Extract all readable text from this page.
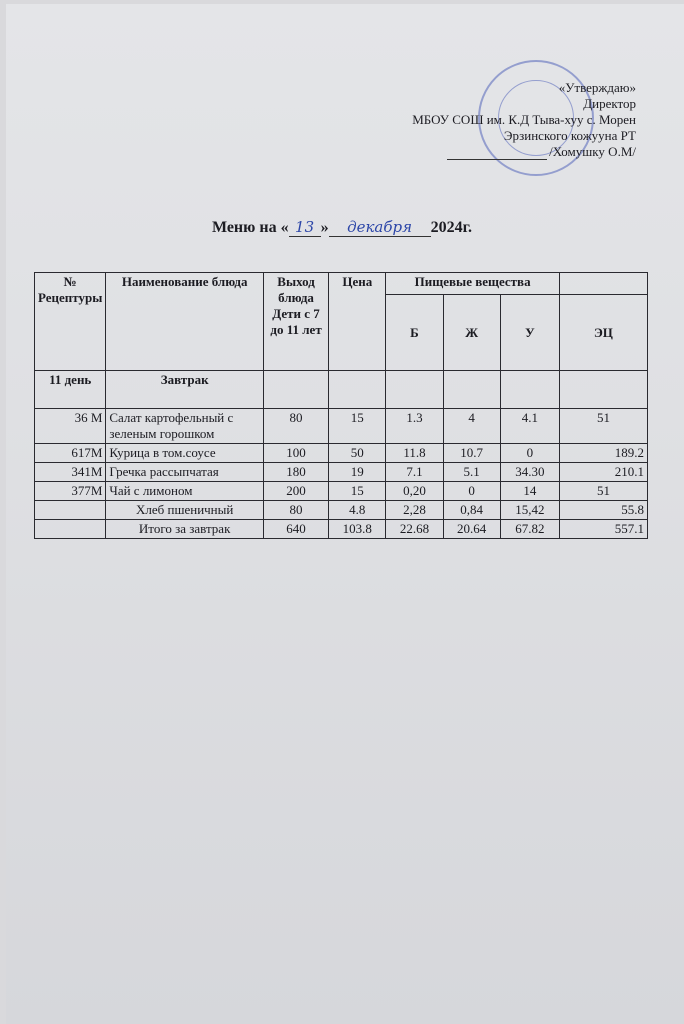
«Утверждаю»
Директор
МБОУ СОШ им. К.Д Тыва-хуу с. Морен
Эрзинского кожууна РТ
/Хомушку О.М/
Меню на « 13 » декабря 2024г.
№ Рецептуры	Наименование блюда	Выход блюда Дети с 7 до 11 лет	Цена	Пищевые вещества			
				Б	Ж	У	ЭЦ
11 день	Завтрак						
36 М	Салат картофельный с зеленым горошком	80	15	1.3	4	4.1	51
617М	Курица в том.соусе	100	50	11.8	10.7	0	189.2
341М	Гречка рассыпчатая	180	19	7.1	5.1	34.30	210.1
377М	Чай с лимоном	200	15	0,20	0	14	51
	Хлеб пшеничный	80	4.8	2,28	0,84	15,42	55.8
	Итого за завтрак	640	103.8	22.68	20.64	67.82	557.1
